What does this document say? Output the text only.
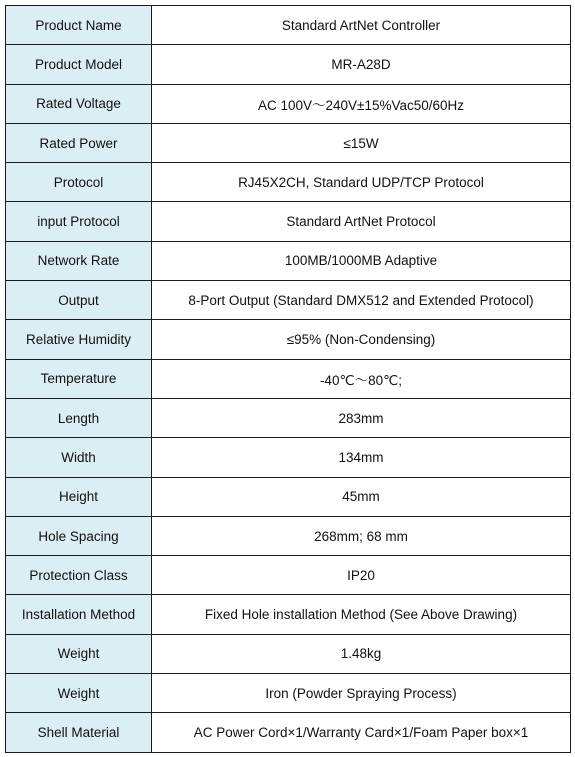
Product Name	Standard ArtNet Controller
Product Model	MR-A28D
Rated Voltage	AC 100V～240V±15%Vac50/60Hz
Rated Power	≤15W
Protocol	RJ45X2CH, Standard UDP/TCP Protocol
input Protocol	Standard ArtNet Protocol
Network Rate	100MB/1000MB Adaptive
Output	8-Port Output (Standard DMX512 and Extended Protocol)
Relative Humidity	≤95% (Non-Condensing)
Temperature	-40℃～80℃;
Length	283mm
Width	134mm
Height	45mm
Hole Spacing	268mm; 68 mm
Protection Class	IP20
Installation Method	Fixed Hole installation Method (See Above Drawing)
Weight	1.48kg
Weight	Iron (Powder Spraying Process)
Shell Material	AC Power Cord×1/Warranty Card×1/Foam Paper box×1
